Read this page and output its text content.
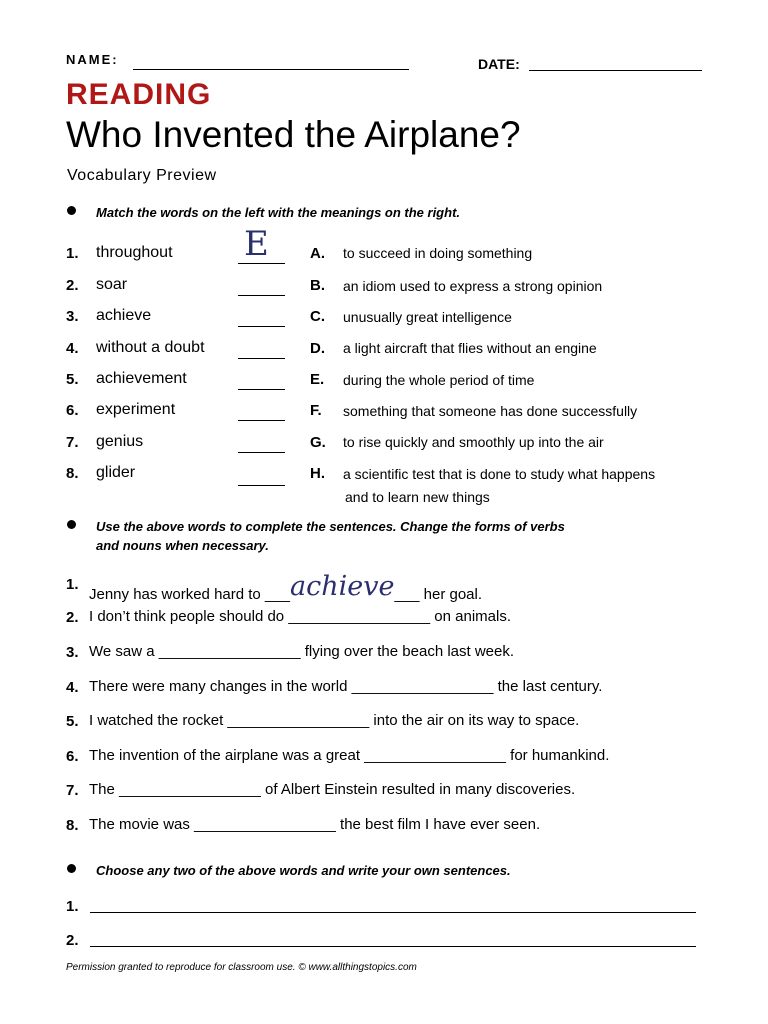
NAME:	DATE:
READING
Who Invented the Airplane?
Vocabulary Preview
Match the words on the left with the meanings on the right.
1. throughout E
2. soar
3. achieve
4. without a doubt
5. achievement
6. experiment
7. genius
8. glider
A. to succeed in doing something
B. an idiom used to express a strong opinion
C. unusually great intelligence
D. a light aircraft that flies without an engine
E. during the whole period of time
F. something that someone has done successfully
G. to rise quickly and smoothly up into the air
H. a scientific test that is done to study what happens
and to learn new things
Use the above words to complete the sentences. Change the forms of verbs
and nouns when necessary.
1.
Jenny has worked hard to ___achieve___ her goal.
2. I don’t think people should do _________________ on animals.
3. We saw a _________________ flying over the beach last week.
4. There were many changes in the world _________________ the last century.
5. I watched the rocket _________________ into the air on its way to space.
6. The invention of the airplane was a great _________________ for humankind.
7. The _________________ of Albert Einstein resulted in many discoveries.
8. The movie was _________________ the best film I have ever seen.
Choose any two of the above words and write your own sentences.
1.
2.
Permission granted to reproduce for classroom use. © www.allthingstopics.com
